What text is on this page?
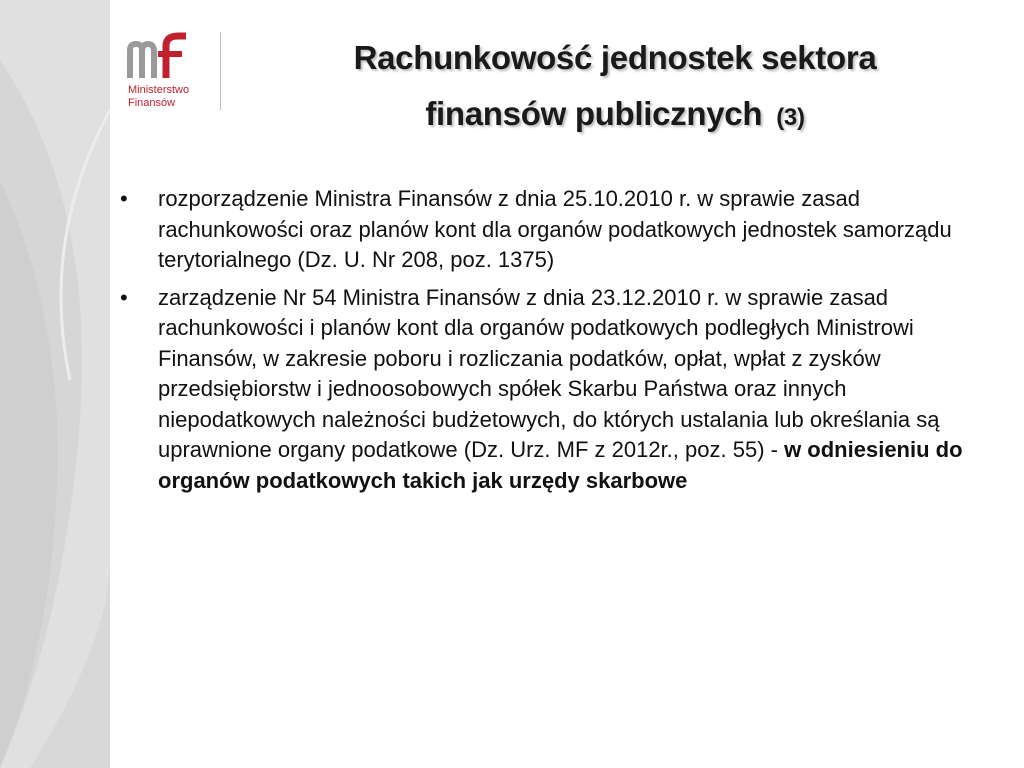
Ministerstwo
Finansów
Rachunkowość jednostek sektora
finansów publicznych (3)
• rozporządzenie Ministra Finansów z dnia 25.10.2010 r. w sprawie zasad rachunkowości oraz planów kont dla organów podatkowych jednostek samorządu terytorialnego (Dz. U. Nr 208, poz. 1375)
• zarządzenie Nr 54 Ministra Finansów z dnia 23.12.2010 r. w sprawie zasad rachunkowości i planów kont dla organów podatkowych podległych Ministrowi Finansów, w zakresie poboru i rozliczania podatków, opłat, wpłat z zysków przedsiębiorstw i jednoosobowych spółek Skarbu Państwa oraz innych niepodatkowych należności budżetowych, do których ustalania lub określania są uprawnione organy podatkowe (Dz. Urz. MF z 2012r., poz. 55) - w odniesieniu do organów podatkowych takich jak urzędy skarbowe
